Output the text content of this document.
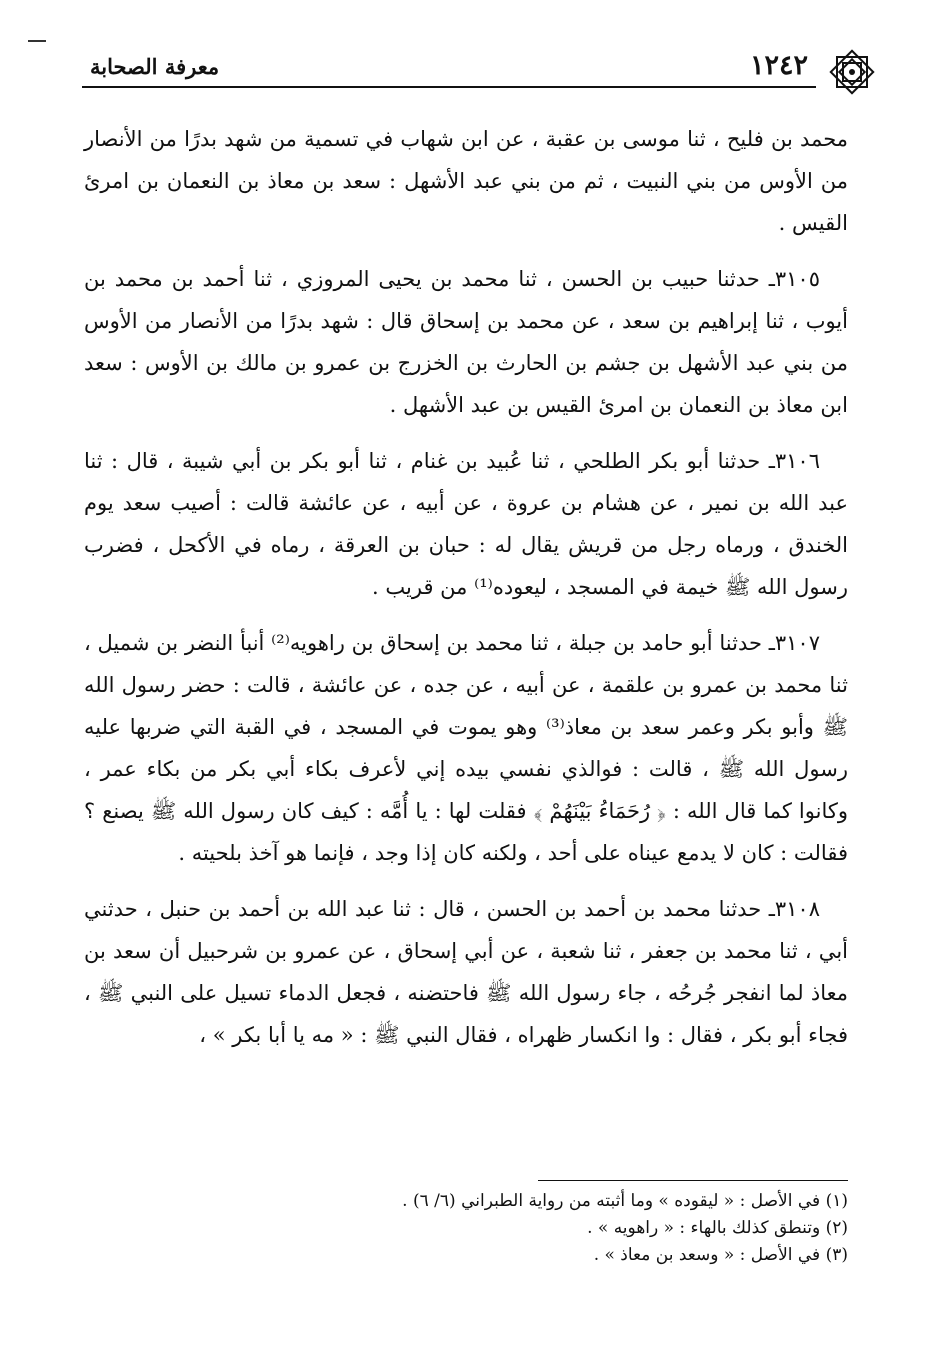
١٢٤٢
معرفة الصحابة

محمد بن فليح ، ثنا موسى بن عقبة ، عن ابن شهاب في تسمية من شهد بدرًا من الأنصار من الأوس من بني النبيت ، ثم من بني عبد الأشهل : سعد بن معاذ بن النعمان بن امرئ القيس .

٣١٠٥ـ حدثنا حبيب بن الحسن ، ثنا محمد بن يحيى المروزي ، ثنا أحمد بن محمد بن أيوب ، ثنا إبراهيم بن سعد ، عن محمد بن إسحاق قال : شهد بدرًا من الأنصار من الأوس من بني عبد الأشهل بن جشم بن الحارث بن الخزرج بن عمرو بن مالك بن الأوس : سعد ابن معاذ بن النعمان بن امرئ القيس بن عبد الأشهل .

٣١٠٦ـ حدثنا أبو بكر الطلحي ، ثنا عُبيد بن غنام ، ثنا أبو بكر بن أبي شيبة ، قال : ثنا عبد الله بن نمير ، عن هشام بن عروة ، عن أبيه ، عن عائشة قالت : أصيب سعد يوم الخندق ، ورماه رجل من قريش يقال له : حبان بن العرقة ، رماه في الأكحل ، فضرب رسول الله ﷺ خيمة في المسجد ، ليعوده⁽¹⁾ من قريب .

٣١٠٧ـ حدثنا أبو حامد بن جبلة ، ثنا محمد بن إسحاق بن راهويه⁽²⁾ أنبأ النضر بن شميل ، ثنا محمد بن عمرو بن علقمة ، عن أبيه ، عن جده ، عن عائشة ، قالت : حضر رسول الله ﷺ وأبو بكر وعمر سعد بن معاذ⁽³⁾ وهو يموت في المسجد ، في القبة التي ضربها عليه رسول الله ﷺ ، قالت : فوالذي نفسي بيده إني لأعرف بكاء أبي بكر من بكاء عمر ، وكانوا كما قال الله : ﴿ رُحَمَاءُ بَيْنَهُمْ ﴾ فقلت لها : يا أُمَّه : كيف كان رسول الله ﷺ يصنع ؟ فقالت : كان لا يدمع عيناه على أحد ، ولكنه كان إذا وجد ، فإنما هو آخذ بلحيته .

٣١٠٨ـ حدثنا محمد بن أحمد بن الحسن ، قال : ثنا عبد الله بن أحمد بن حنبل ، حدثني أبي ، ثنا محمد بن جعفر ، ثنا شعبة ، عن أبي إسحاق ، عن عمرو بن شرحبيل أن سعد بن معاذ لما انفجر جُرحُه ، جاء رسول الله ﷺ فاحتضنه ، فجعل الدماء تسيل على النبي ﷺ ، فجاء أبو بكر ، فقال : وا انكسار ظهراه ، فقال النبي ﷺ : « مه يا أبا بكر » ،

(١) في الأصل : « ليقوده » وما أثبته من رواية الطبراني (٦/ ٦) .

(٢) وتنطق كذلك بالهاء : « راهويه » .

(٣) في الأصل : « وسعد بن معاذ » .
